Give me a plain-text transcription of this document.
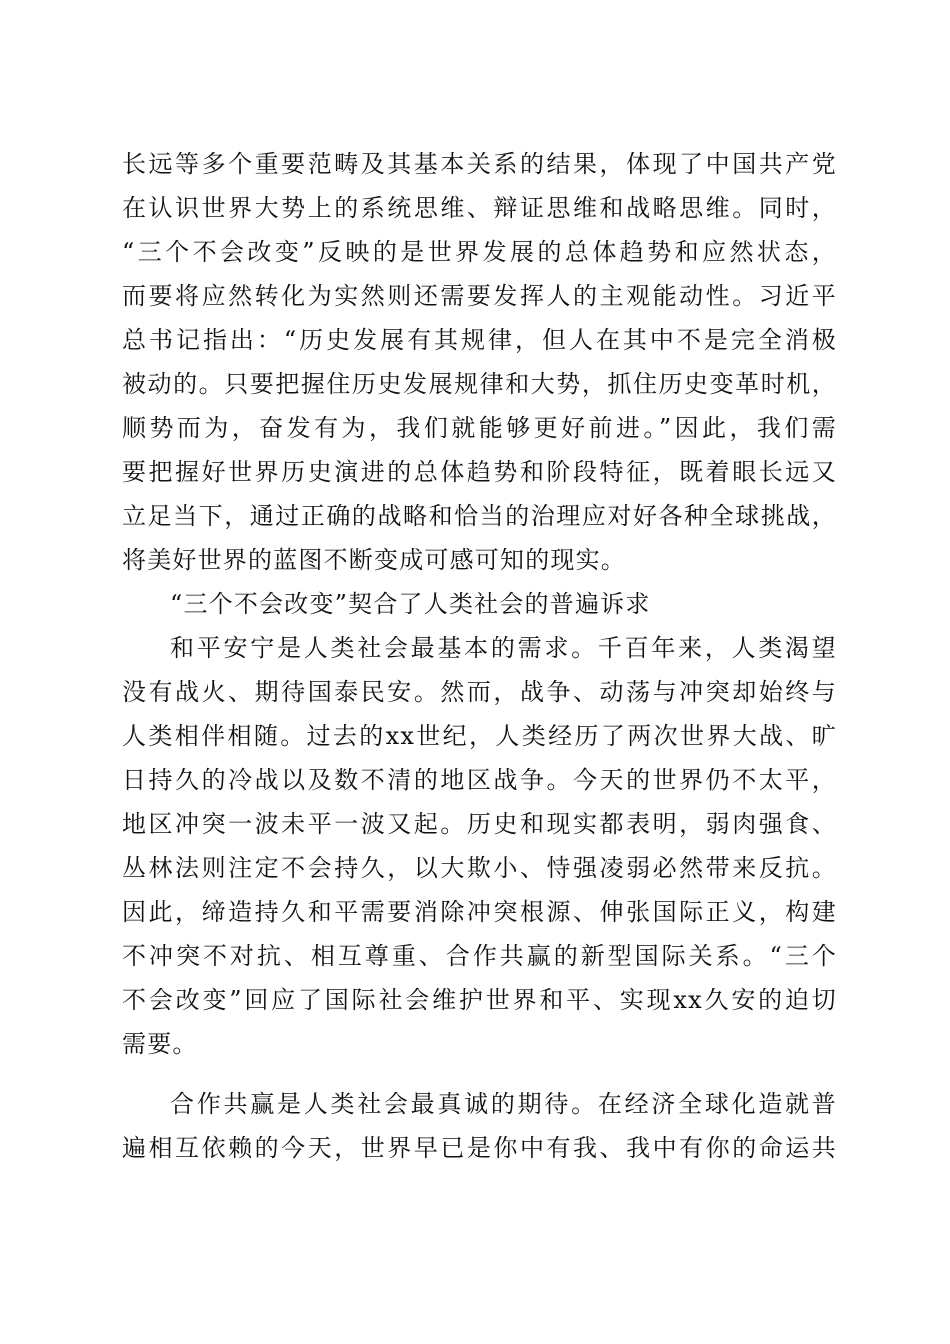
长远等多个重要范畴及其基本关系的结果，体现了中国共产党
在认识世界大势上的系统思维、辩证思维和战略思维。同时，
“三个不会改变”反映的是世界发展的总体趋势和应然状态，
而要将应然转化为实然则还需要发挥人的主观能动性。习近平
总书记指出：“历史发展有其规律，但人在其中不是完全消极
被动的。只要把握住历史发展规律和大势，抓住历史变革时机，
顺势而为，奋发有为，我们就能够更好前进。”因此，我们需
要把握好世界历史演进的总体趋势和阶段特征，既着眼长远又
立足当下，通过正确的战略和恰当的治理应对好各种全球挑战，
将美好世界的蓝图不断变成可感可知的现实。
“三个不会改变”契合了人类社会的普遍诉求
和平安宁是人类社会最基本的需求。千百年来，人类渴望
没有战火、期待国泰民安。然而，战争、动荡与冲突却始终与
人类相伴相随。过去的xx世纪，人类经历了两次世界大战、旷
日持久的冷战以及数不清的地区战争。今天的世界仍不太平，
地区冲突一波未平一波又起。历史和现实都表明，弱肉强食、
丛林法则注定不会持久，以大欺小、恃强凌弱必然带来反抗。
因此，缔造持久和平需要消除冲突根源、伸张国际正义，构建
不冲突不对抗、相互尊重、合作共赢的新型国际关系。“三个
不会改变”回应了国际社会维护世界和平、实现xx久安的迫切
需要。
合作共赢是人类社会最真诚的期待。在经济全球化造就普
遍相互依赖的今天，世界早已是你中有我、我中有你的命运共
